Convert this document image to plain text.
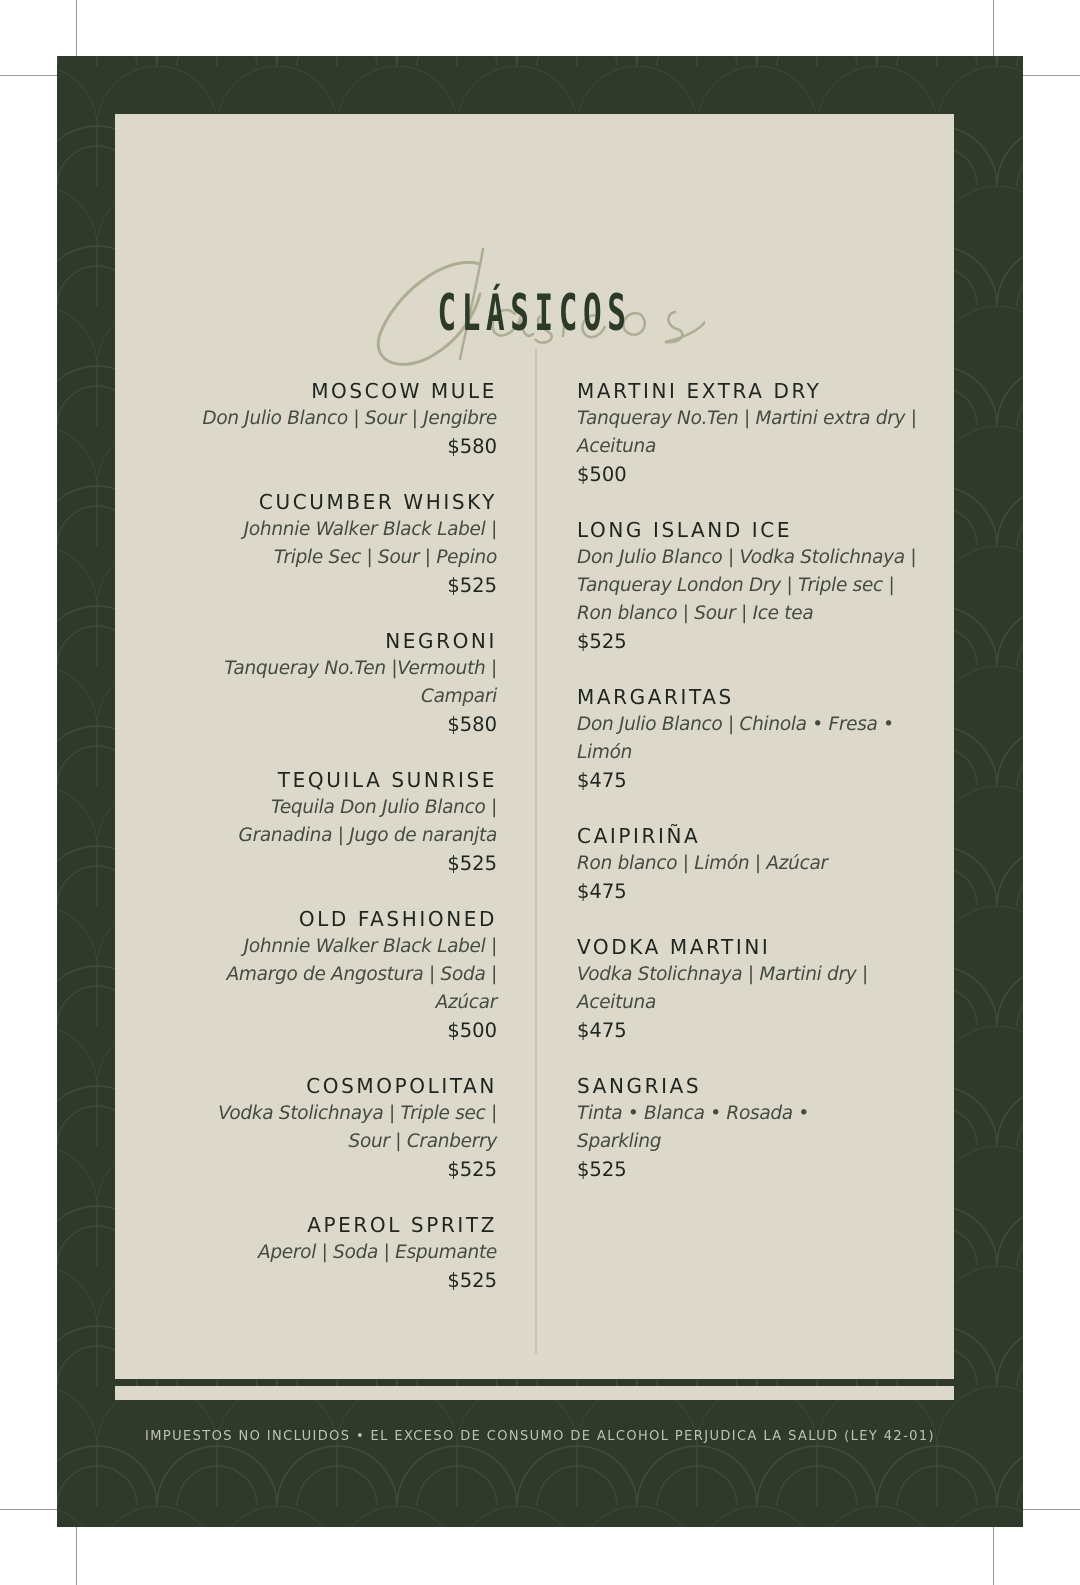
CLÁSICOS
MOSCOW MULE
Don Julio Blanco | Sour | Jengibre
$580
CUCUMBER WHISKY
Johnnie Walker Black Label | Triple Sec | Sour | Pepino
$525
NEGRONI
Tanqueray No.Ten |Vermouth | Campari
$580
TEQUILA SUNRISE
Tequila Don Julio Blanco | Granadina | Jugo de naranjta
$525
OLD FASHIONED
Johnnie Walker Black Label | Amargo de Angostura | Soda | Azúcar
$500
COSMOPOLITAN
Vodka Stolichnaya | Triple sec | Sour | Cranberry
$525
APEROL SPRITZ
Aperol | Soda | Espumante
$525
MARTINI EXTRA DRY
Tanqueray No.Ten | Martini extra dry | Aceituna
$500
LONG ISLAND ICE
Don Julio Blanco | Vodka Stolichnaya | Tanqueray London Dry | Triple sec | Ron blanco | Sour | Ice tea
$525
MARGARITAS
Don Julio Blanco | Chinola • Fresa • Limón
$475
CAIPIRIÑA
Ron blanco | Limón | Azúcar
$475
VODKA MARTINI
Vodka Stolichnaya | Martini dry | Aceituna
$475
SANGRIAS
Tinta • Blanca • Rosada • Sparkling
$525
IMPUESTOS NO INCLUIDOS • EL EXCESO DE CONSUMO DE ALCOHOL PERJUDICA LA SALUD (LEY 42-01)
